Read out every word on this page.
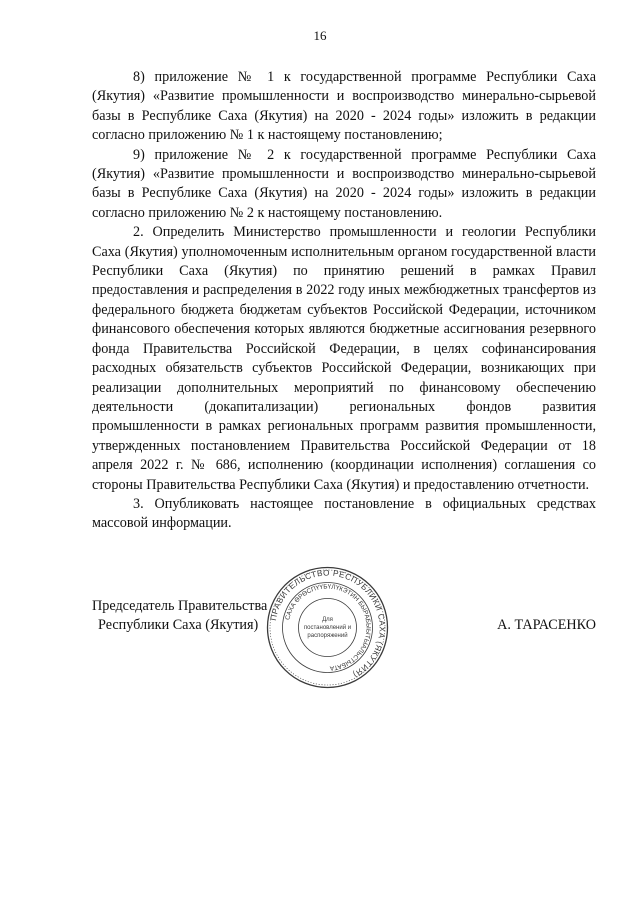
16

8) приложение № 1 к государственной программе Республики Саха (Якутия) «Развитие промышленности и воспроизводство минерально-сырьевой базы в Республике Саха (Якутия) на 2020 - 2024 годы» изложить в редакции согласно приложению № 1 к настоящему постановлению;

9) приложение № 2 к государственной программе Республики Саха (Якутия) «Развитие промышленности и воспроизводство минерально-сырьевой базы в Республике Саха (Якутия) на 2020 - 2024 годы» изложить в редакции согласно приложению № 2 к настоящему постановлению.

2. Определить Министерство промышленности и геологии Республики Саха (Якутия) уполномоченным исполнительным органом государственной власти Республики Саха (Якутия) по принятию решений в рамках Правил предоставления и распределения в 2022 году иных межбюджетных трансфертов из федерального бюджета бюджетам субъектов Российской Федерации, источником финансового обеспечения которых являются бюджетные ассигнования резервного фонда Правительства Российской Федерации, в целях софинансирования расходных обязательств субъектов Российской Федерации, возникающих при реализации дополнительных мероприятий по финансовому обеспечению деятельности (докапитализации) региональных фондов развития промышленности в рамках региональных программ развития промышленности, утвержденных постановлением Правительства Российской Федерации от 18 апреля 2022 г. № 686, исполнению (координации исполнения) соглашения со стороны Правительства Республики Саха (Якутия) и предоставлению отчетности.

3. Опубликовать настоящее постановление в официальных средствах массовой информации.

Председатель Правительства
Республики Саха (Якутия)	А. ТАРАСЕНКО
ПРАВИТЕЛЬСТВО РЕСПУБЛИКИ САХА (ЯКУТИЯ)
САХА ӨРӨСПҮҮБҮЛҮКЭТИН БЫРАБЫЫТЫАЛЬСТЫБАТА
Для
постановлений и
распоряжений
